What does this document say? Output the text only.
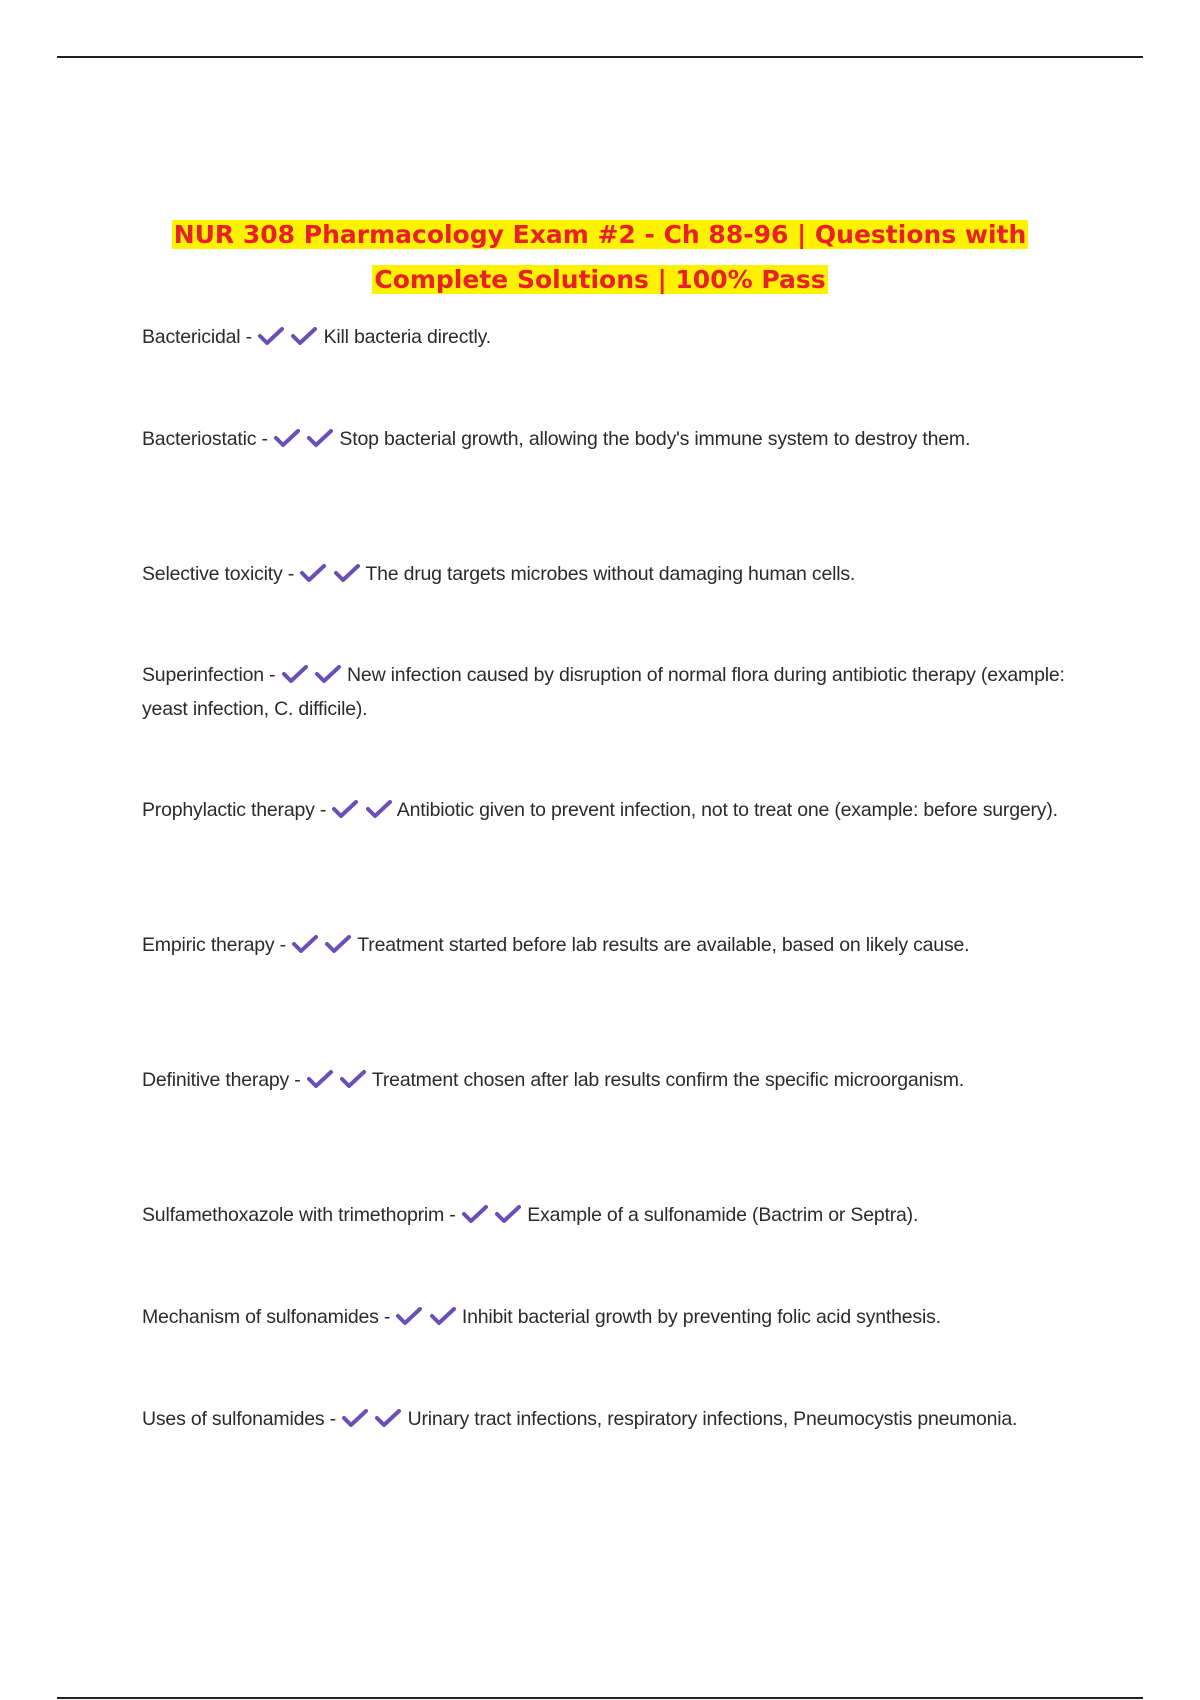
NUR 308 Pharmacology Exam #2 - Ch 88-96 | Questions with
Complete Solutions | 100% Pass
Bactericidal -
	Kill bacteria directly.
Bacteriostatic -
	Stop bacterial growth, allowing the body's immune system to destroy them.
Selective toxicity -
	The drug targets microbes without damaging human cells.
Superinfection -
	New infection caused by disruption of normal flora during antibiotic therapy (example: yeast infection, C. difficile).
Prophylactic therapy -
	Antibiotic given to prevent infection, not to treat one (example: before surgery).
Empiric therapy -
	Treatment started before lab results are available, based on likely cause.
Definitive therapy -
	Treatment chosen after lab results confirm the specific microorganism.
Sulfamethoxazole with trimethoprim -
	Example of a sulfonamide (Bactrim or Septra).
Mechanism of sulfonamides -
	Inhibit bacterial growth by preventing folic acid synthesis.
Uses of sulfonamides -
	Urinary tract infections, respiratory infections, Pneumocystis pneumonia.
